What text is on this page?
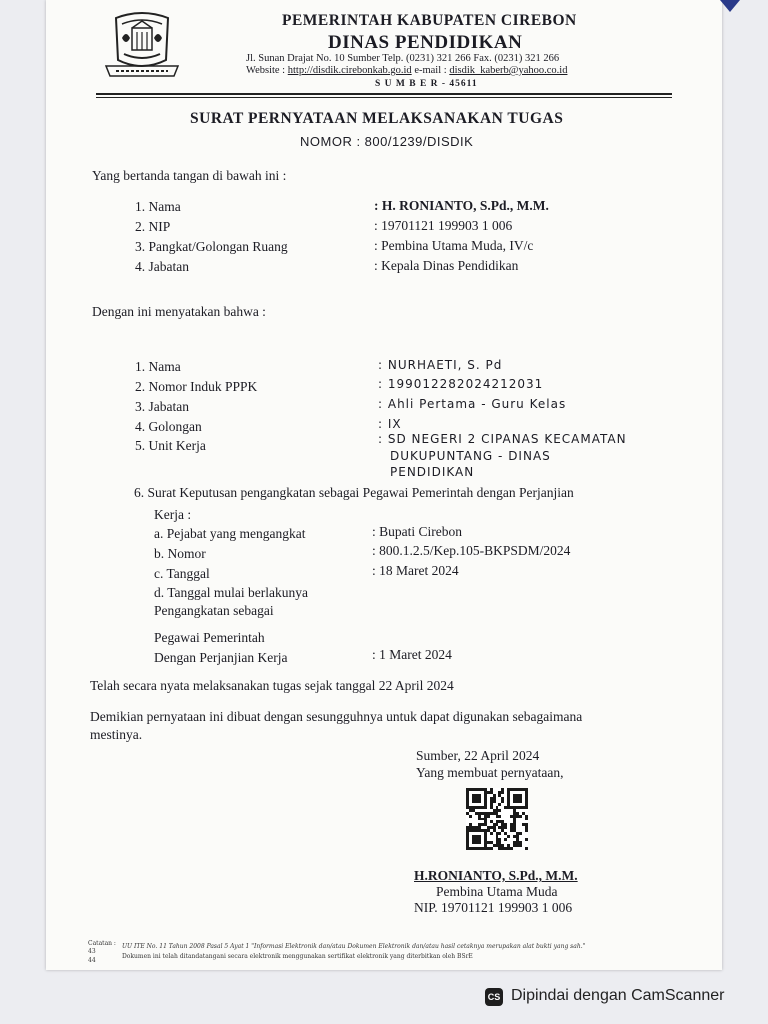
PEMERINTAH KABUPATEN CIREBON
DINAS PENDIDIKAN
Jl. Sunan Drajat No. 10 Sumber Telp. (0231) 321 266 Fax. (0231) 321 266
Website : http://disdik.cirebonkab.go.id e-mail : disdik_kaberb@yahoo.co.id
S U M B E R - 45611
SURAT PERNYATAAN MELAKSANAKAN TUGAS
NOMOR : 800/1239/DISDIK
Yang bertanda tangan di bawah ini :
1. Nama	: H. RONIANTO, S.Pd., M.M.
2. NIP	: 19701121 199903 1 006
3. Pangkat/Golongan Ruang	: Pembina Utama Muda, IV/c
4. Jabatan	: Kepala Dinas Pendidikan
Dengan ini menyatakan bahwa :
1. Nama	: NURHAETI, S. Pd
2. Nomor Induk PPPK	: 199012282024212031
3. Jabatan	: Ahli Pertama - Guru Kelas
4. Golongan	: IX
5. Unit Kerja	: SD NEGERI 2 CIPANAS KECAMATAN
DUKUPUNTANG - DINAS
PENDIDIKAN
6. Surat Keputusan pengangkatan sebagai Pegawai Pemerintah dengan Perjanjian
Kerja :
a. Pejabat yang mengangkat	: Bupati Cirebon
b. Nomor	: 800.1.2.5/Kep.105-BKPSDM/2024
c. Tanggal	: 18 Maret 2024
d. Tanggal mulai berlakunya
Pengangkatan sebagai
Pegawai Pemerintah
Dengan Perjanjian Kerja	: 1 Maret 2024
Telah secara nyata melaksanakan tugas sejak tanggal 22 April 2024
Demikian pernyataan ini dibuat dengan sesungguhnya untuk dapat digunakan sebagaimana
mestinya.
Sumber, 22 April 2024
Yang membuat pernyataan,
H.RONIANTO, S.Pd., M.M.
Pembina Utama Muda
NIP. 19701121 199903 1 006
Catatan :
43
44
UU ITE No. 11 Tahun 2008 Pasal 5 Ayat 1 "Informasi Elektronik dan/atau Dokumen Elektronik dan/atau hasil cetaknya merupakan alat bukti yang sah."
Dokumen ini telah ditandatangani secara elektronik menggunakan sertifikat elektronik yang diterbitkan oleh BSrE
CS Dipindai dengan CamScanner
